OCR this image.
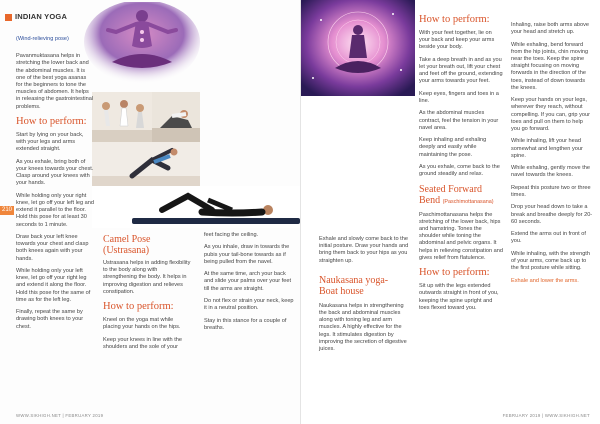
INDIAN YOGA

(Wind-relieving pose)

Pavanmuktasana helps in stretching the lower back and the abdominal muscles. It is one of the best yoga asanas for the beginners to tone the muscles of abdomen. It helps in releasing the gastrointestinal problems.

How to perform:

Start by lying on your back, with your legs and arms extended straight.

As you exhale, bring both of your knees towards your chest. Clasp around your knees with your hands.

While holding only your right knee, let go off your left leg and extend it parallel to the floor. Hold this pose for at least 30 seconds to 1 minute.

Draw back your left knee towards your chest and clasp both knees again with your hands.

While holding only your left knee, let go off your right leg and extend it along the floor. Hold this pose for the same of time as for the left leg.

Finally, repeat the same by drawing both knees to your chest.

Camel Pose (Ustrasana)

Ustrasana helps in adding flexibility to the body along with strengthening the body. It helps in improving digestion and relieves constipation.

How to perform:

Kneel on the yoga mat while placing your hands on the hips.

Keep your knees in line with the shoulders and the sole of your

feet facing the ceiling.

As you inhale, draw in towards the pubis your tail-bone towards as if being pulled from the navel.

At the same time, arch your back and slide your palms over your feet till the arms are straight.

Do not flex or strain your neck, keep it in a neutral position.

Stay in this stance for a couple of breaths.

210
WWW.SIKHIGH.NET | FEBRUARY 2019

Exhale and slowly come back to the initial posture. Draw your hands and bring them back to your hips as you straighten up.

Naukasana yoga- Boat house

Naukasana helps in strengthening the back and abdominal muscles along with toning leg and arm muscles. A highly effective for the legs. It stimulates digestion by improving the secretion of digestive juices.

How to perform:

With your feet together, lie on your back and keep your arms beside your body.

Take a deep breath in and as you let your breath out, lift your chest and feet off the ground, extending your arms towards your feet.

Keep eyes, fingers and toes in a line.

As the abdominal muscles contract, feel the tension in your navel area.

Keep inhaling and exhaling deeply and easily while maintaining the pose.

As you exhale, come back to the ground steadily and relax.

Seated Forward Bend (Paschimottanasana)

Paschimottanasana helps the stretching of the lower back, hips and hamstring. Tones the shoulder while toning the abdominal and pelvic organs. It helps in relieving constipation and gives relief from flatulence.

How to perform:

Sit up with the legs extended outwards straight in front of you, keeping the spine upright and toes flexed toward you.

Inhaling, raise both arms above your head and stretch up.

While exhaling, bend forward from the hip joints, chin moving near the toes. Keep the spine straight focusing on moving forwards in the direction of the toes, instead of down towards the knees.

Keep your hands on your legs, wherever they reach, without compelling. If you can, grip your toes and pull on them to help you go forward.

While inhaling, lift your head somewhat and lengthen your spine.

While exhaling, gently move the navel towards the knees.

Repeat this posture two or three times.

Drop your head down to take a break and breathe deeply for 20-60 seconds.

Extend the arms out in front of you.

While inhaling, with the strength of your arms, come back up to the first posture while sitting.

Exhale and lower the arms.

FEBRUARY 2019 | WWW.SIKHIGH.NET
